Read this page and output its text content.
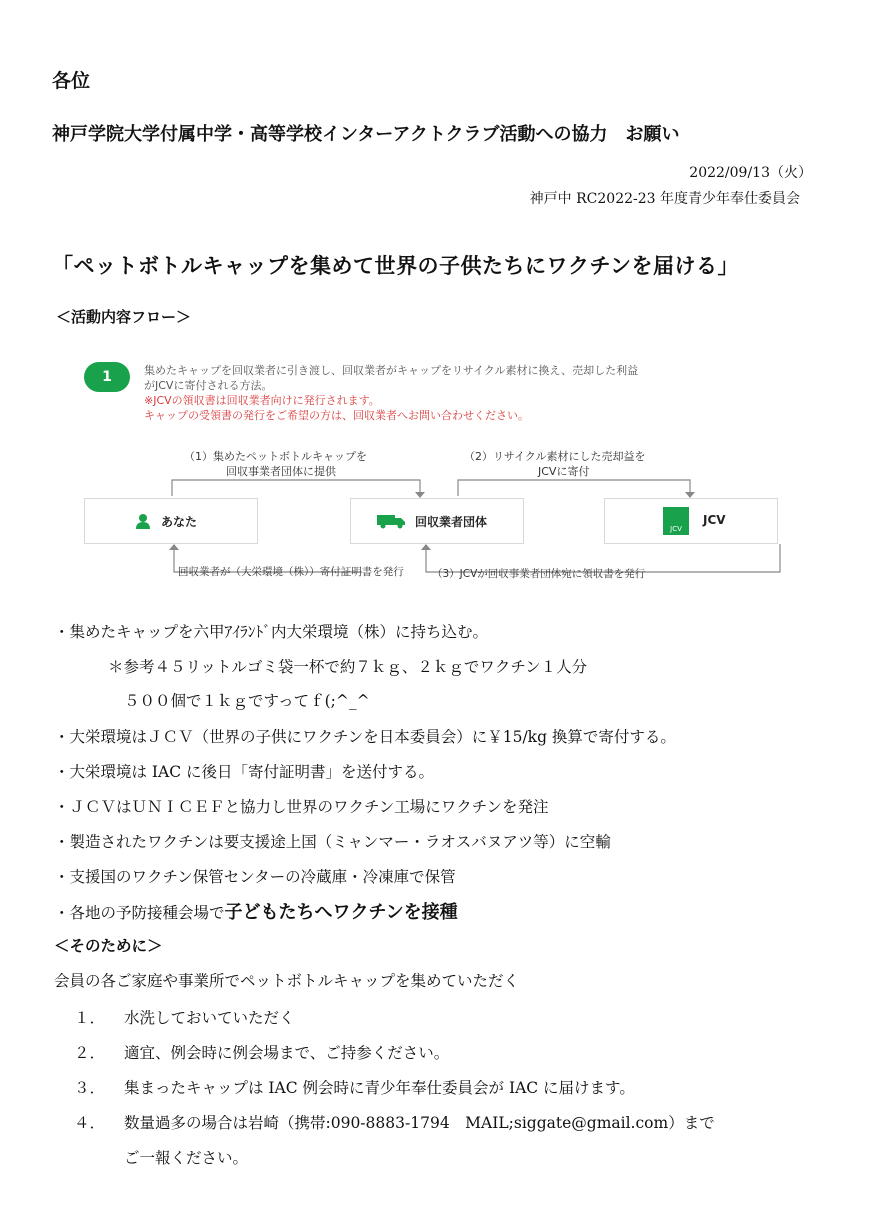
各位
神戸学院大学付属中学・高等学校インターアクトクラブ活動への協力　お願い
2022/09/13（火）
神戸中 RC2022-23 年度青少年奉仕委員会
「ペットボトルキャップを集めて世界の子供たちにワクチンを届ける」
＜活動内容フロー＞
1	集めたキャップを回収業者に引き渡し、回収業者がキャップをリサイクル素材に換え、売却した利益
がJCVに寄付される方法。
※JCVの領収書は回収業者向けに発行されます。
キャップの受領書の発行をご希望の方は、回収業者へお問い合わせください。
（1）集めたペットボトルキャップを
回収事業者団体に提供
（2）リサイクル素材にした売却益を
JCVに寄付
あなた	回収業者団体	JCV
JCV
回収業者が（大栄環境（株））寄付証明書を発行	（3）JCVが回収事業者団体宛に領収書を発行
・集めたキャップを六甲ｱｲﾗﾝﾄﾞ内大栄環境（株）に持ち込む。
＊参考４５リットルゴミ袋一杯で約７ｋｇ、２ｋｇでワクチン１人分
５００個で１ｋｇですってｆ(;^_^
・大栄環境はＪＣＶ（世界の子供にワクチンを日本委員会）に￥15/kg 換算で寄付する。
・大栄環境は IAC に後日「寄付証明書」を送付する。
・ＪＣＶはＵＮＩＣＥＦと協力し世界のワクチン工場にワクチンを発注
・製造されたワクチンは要支援途上国（ミャンマー・ラオスバヌアツ等）に空輸
・支援国のワクチン保管センターの冷蔵庫・冷凍庫で保管
・各地の予防接種会場で子どもたちへワクチンを接種
＜そのために＞
会員の各ご家庭や事業所でペットボトルキャップを集めていただく
１． 水洗しておいていただく
２． 適宜、例会時に例会場まで、ご持参ください。
３． 集まったキャップは IAC 例会時に青少年奉仕委員会が IAC に届けます。
４． 数量過多の場合は岩崎（携帯:090-8883-1794　MAIL;siggate@gmail.com）まで
ご一報ください。
